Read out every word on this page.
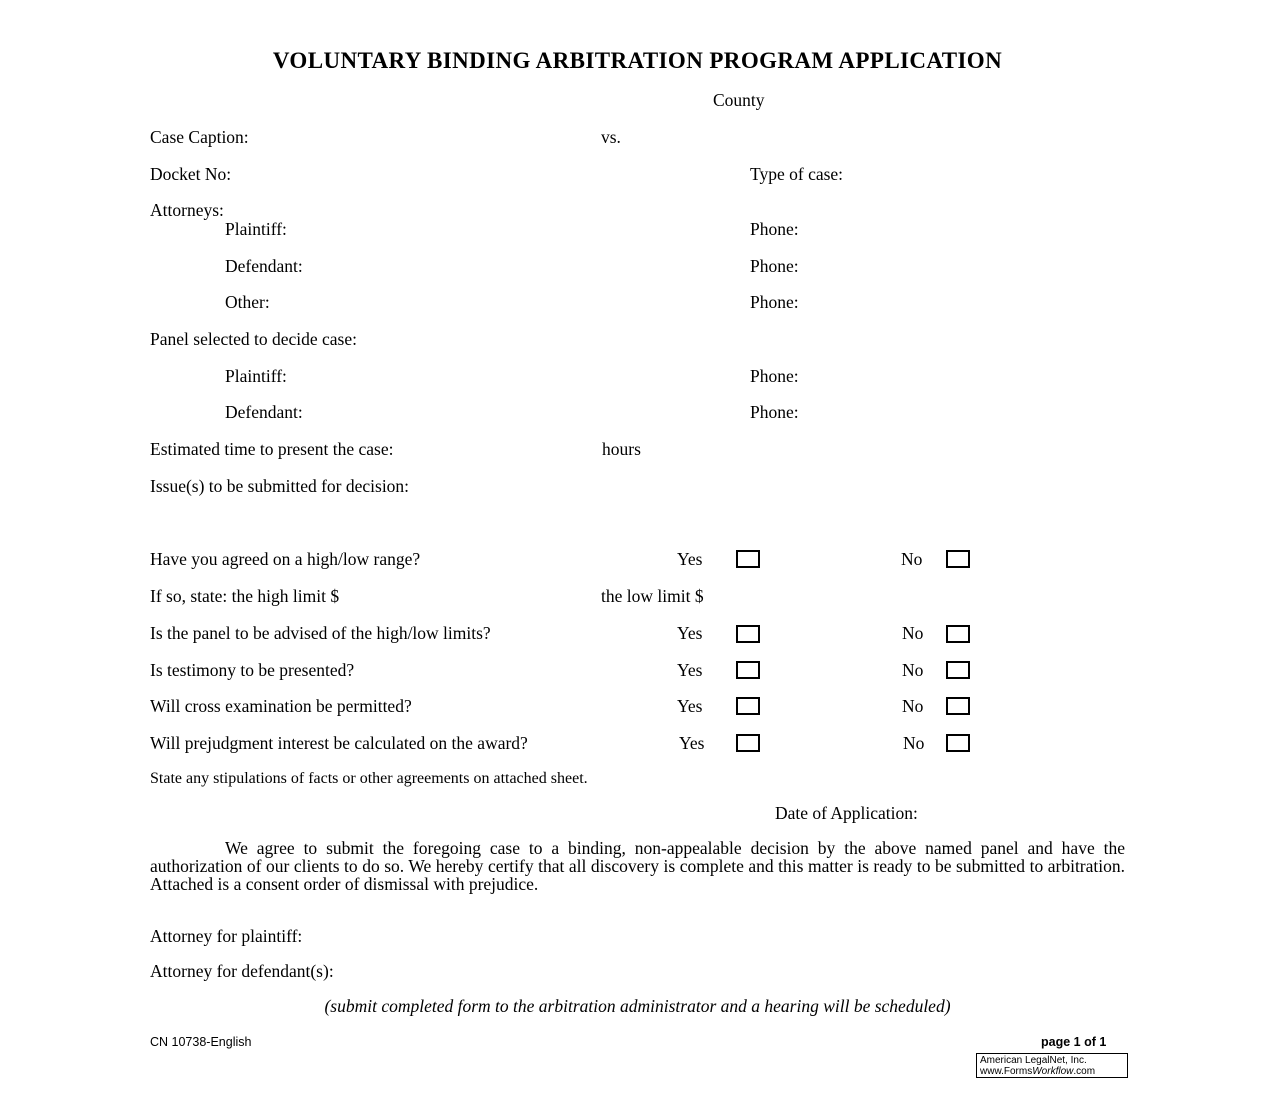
VOLUNTARY BINDING ARBITRATION PROGRAM APPLICATION
County
Case Caption:	vs.
Docket No:	Type of case:
Attorneys:
Plaintiff:	Phone:
Defendant:	Phone:
Other:	Phone:
Panel selected to decide case:
Plaintiff:	Phone:
Defendant:	Phone:
Estimated time to present the case:	hours
Issue(s) to be submitted for decision:
Have you agreed on a high/low range?	Yes	No
If so, state: the high limit $	the low limit $
Is the panel to be advised of the high/low limits?	Yes	No
Is testimony to be presented?	Yes	No
Will cross examination be permitted?	Yes	No
Will prejudgment interest be calculated on the award?	Yes	No
State any stipulations of facts or other agreements on attached sheet.
Date of Application:
We agree to submit the foregoing case to a binding, non-appealable decision by the above named panel and have the authorization of our clients to do so. We hereby certify that all discovery is complete and this matter is ready to be submitted to arbitration. Attached is a consent order of dismissal with prejudice.
Attorney for plaintiff:
Attorney for defendant(s):
(submit completed form to the arbitration administrator and a hearing will be scheduled)
CN 10738-English	page 1 of 1
American LegalNet, Inc.
www.FormsWorkflow.com
